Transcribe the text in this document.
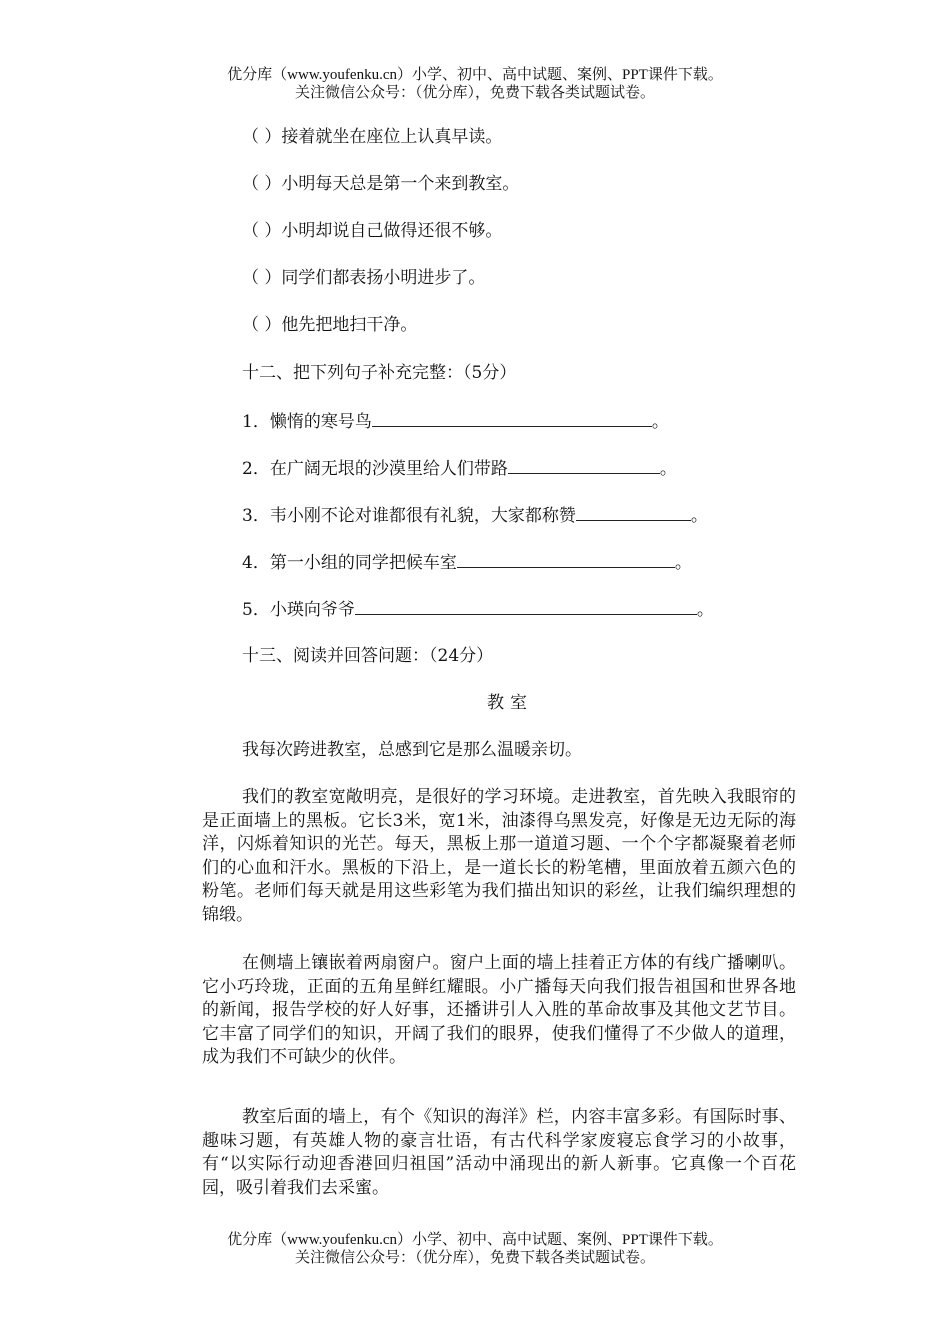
优分库（www.youfenku.cn）小学、初中、高中试题、案例、PPT课件下载。
关注微信公众号：（优分库），免费下载各类试题试卷。
（ ）接着就坐在座位上认真早读。
（ ）小明每天总是第一个来到教室。
（ ）小明却说自己做得还很不够。
（ ）同学们都表扬小明进步了。
（ ）他先把地扫干净。
十二、把下列句子补充完整：（5分）
1．懒惰的寒号鸟	。
2．在广阔无垠的沙漠里给人们带路	。
3．韦小刚不论对谁都很有礼貌，大家都称赞	。
4．第一小组的同学把候车室	。
5．小瑛向爷爷	。
十三、阅读并回答问题：（24分）
教室
我每次跨进教室，总感到它是那么温暖亲切。
我们的教室宽敞明亮，是很好的学习环境。走进教室，首先映入我眼帘的是正面墙上的黑板。它长3米，宽1米，油漆得乌黑发亮，好像是无边无际的海洋，闪烁着知识的光芒。每天，黑板上那一道道习题、一个个字都凝聚着老师们的心血和汗水。黑板的下沿上，是一道长长的粉笔槽，里面放着五颜六色的粉笔。老师们每天就是用这些彩笔为我们描出知识的彩丝，让我们编织理想的锦缎。
在侧墙上镶嵌着两扇窗户。窗户上面的墙上挂着正方体的有线广播喇叭。它小巧玲珑，正面的五角星鲜红耀眼。小广播每天向我们报告祖国和世界各地的新闻，报告学校的好人好事，还播讲引人入胜的革命故事及其他文艺节目。它丰富了同学们的知识，开阔了我们的眼界，使我们懂得了不少做人的道理，成为我们不可缺少的伙伴。
教室后面的墙上，有个《知识的海洋》栏，内容丰富多彩。有国际时事、趣味习题，有英雄人物的豪言壮语，有古代科学家废寝忘食学习的小故事，有“以实际行动迎香港回归祖国”活动中涌现出的新人新事。它真像一个百花 园，吸引着我们去采蜜。
优分库（www.youfenku.cn）小学、初中、高中试题、案例、PPT课件下载。
关注微信公众号：（优分库），免费下载各类试题试卷。
